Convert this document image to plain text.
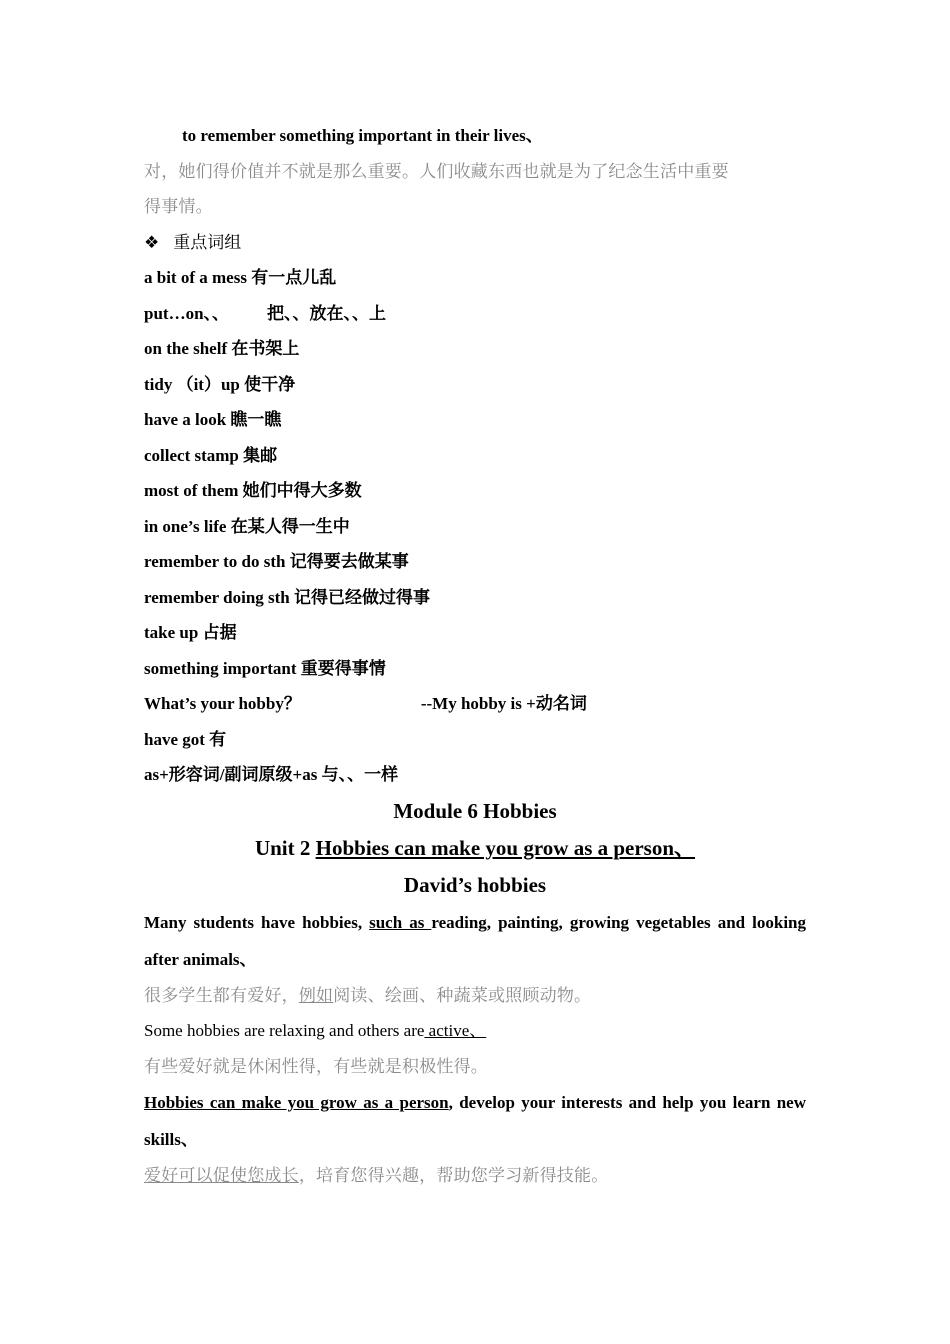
to remember something important in their lives、
对，她们得价值并不就是那么重要。人们收藏东西也就是为了纪念生活中重要
得事情。
❖ 重点词组
a bit of a mess 有一点儿乱
put…on、、 把、、放在、、上
on the shelf 在书架上
tidy （it）up 使干净
have a look 瞧一瞧
collect stamp 集邮
most of them 她们中得大多数
in one’s life 在某人得一生中
remember to do sth 记得要去做某事
remember doing sth 记得已经做过得事
take up 占据
something important 重要得事情
What’s your hobby？	--My hobby is +动名词
have got 有
as+形容词/副词原级+as 与、、一样
Module 6 Hobbies
Unit 2 Hobbies can make you grow as a person、
David’s hobbies
Many students have hobbies, such as reading, painting, growing vegetables and looking after animals、
很多学生都有爱好，例如阅读、绘画、种蔬菜或照顾动物。
Some hobbies are relaxing and others are active、
有些爱好就是休闲性得，有些就是积极性得。
Hobbies can make you grow as a person, develop your interests and help you learn new skills、
爱好可以促使您成长，培育您得兴趣，帮助您学习新得技能。
